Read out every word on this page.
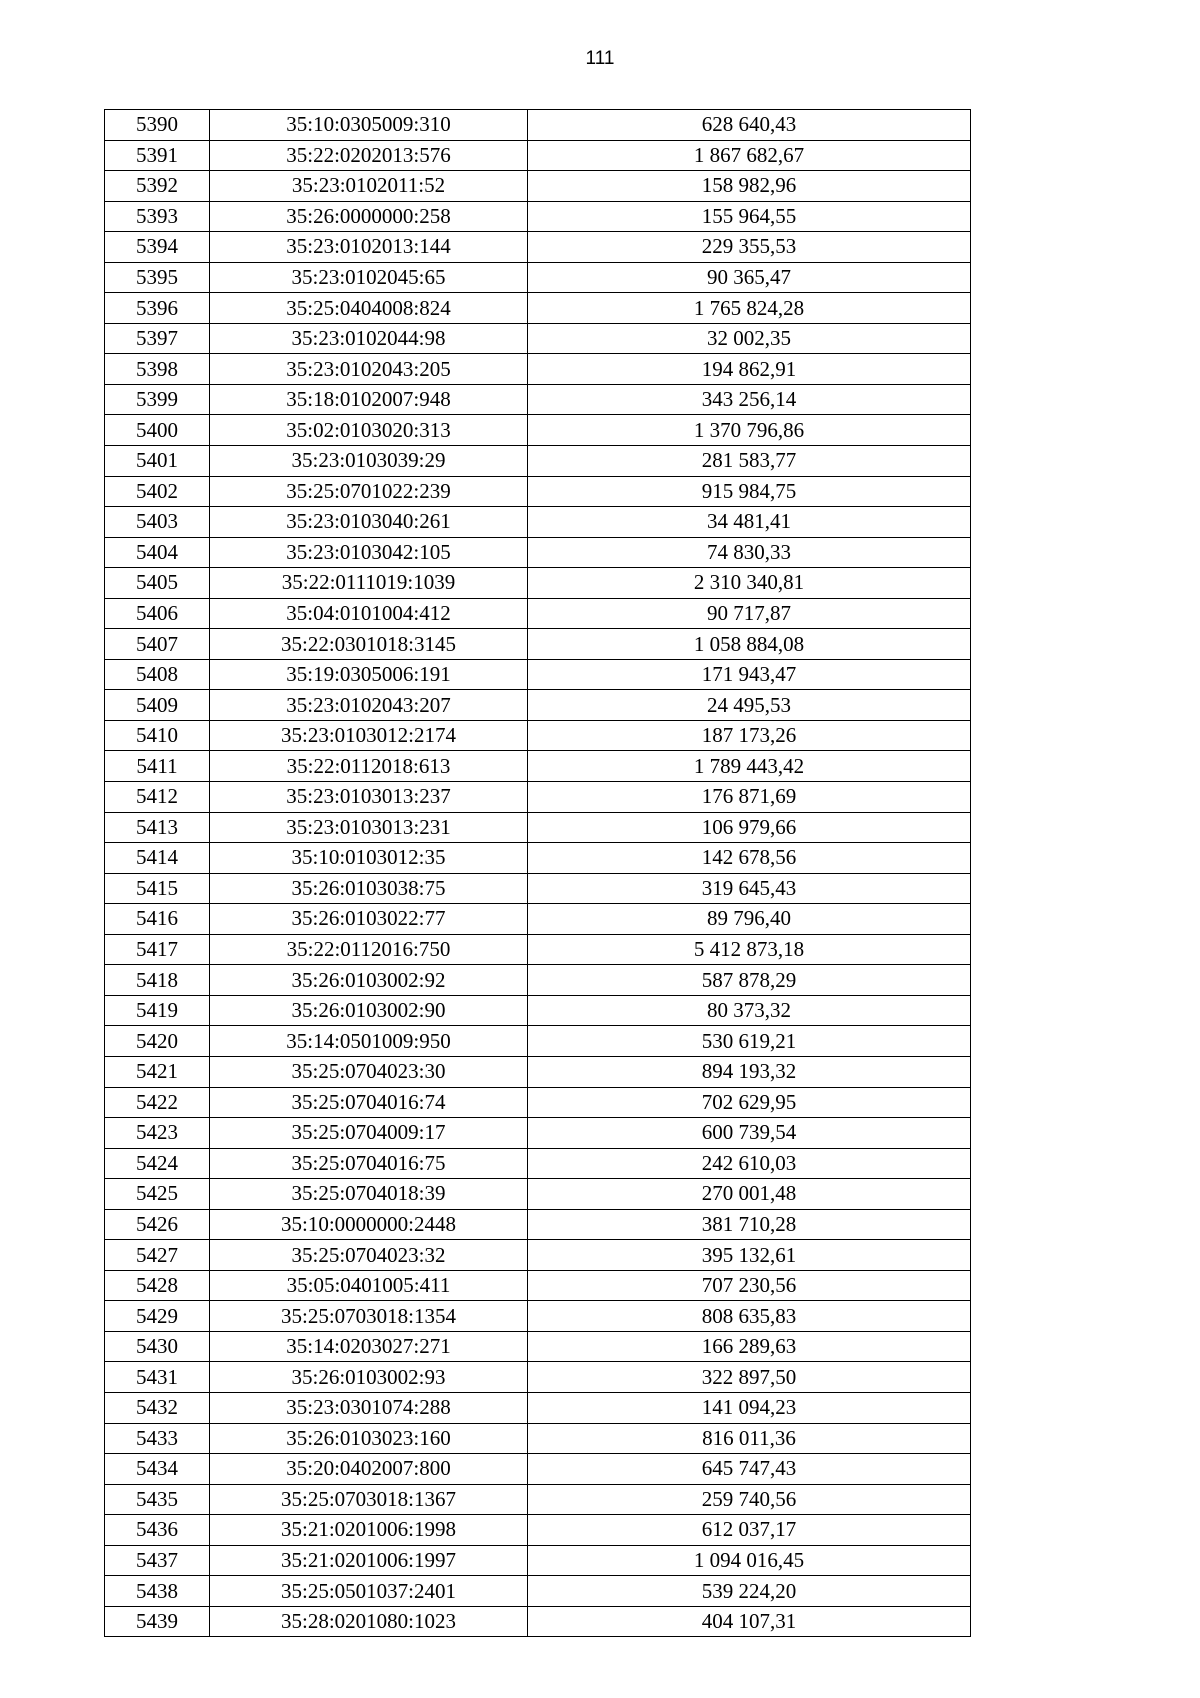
111
5390	35:10:0305009:310	628 640,43
5391	35:22:0202013:576	1 867 682,67
5392	35:23:0102011:52	158 982,96
5393	35:26:0000000:258	155 964,55
5394	35:23:0102013:144	229 355,53
5395	35:23:0102045:65	90 365,47
5396	35:25:0404008:824	1 765 824,28
5397	35:23:0102044:98	32 002,35
5398	35:23:0102043:205	194 862,91
5399	35:18:0102007:948	343 256,14
5400	35:02:0103020:313	1 370 796,86
5401	35:23:0103039:29	281 583,77
5402	35:25:0701022:239	915 984,75
5403	35:23:0103040:261	34 481,41
5404	35:23:0103042:105	74 830,33
5405	35:22:0111019:1039	2 310 340,81
5406	35:04:0101004:412	90 717,87
5407	35:22:0301018:3145	1 058 884,08
5408	35:19:0305006:191	171 943,47
5409	35:23:0102043:207	24 495,53
5410	35:23:0103012:2174	187 173,26
5411	35:22:0112018:613	1 789 443,42
5412	35:23:0103013:237	176 871,69
5413	35:23:0103013:231	106 979,66
5414	35:10:0103012:35	142 678,56
5415	35:26:0103038:75	319 645,43
5416	35:26:0103022:77	89 796,40
5417	35:22:0112016:750	5 412 873,18
5418	35:26:0103002:92	587 878,29
5419	35:26:0103002:90	80 373,32
5420	35:14:0501009:950	530 619,21
5421	35:25:0704023:30	894 193,32
5422	35:25:0704016:74	702 629,95
5423	35:25:0704009:17	600 739,54
5424	35:25:0704016:75	242 610,03
5425	35:25:0704018:39	270 001,48
5426	35:10:0000000:2448	381 710,28
5427	35:25:0704023:32	395 132,61
5428	35:05:0401005:411	707 230,56
5429	35:25:0703018:1354	808 635,83
5430	35:14:0203027:271	166 289,63
5431	35:26:0103002:93	322 897,50
5432	35:23:0301074:288	141 094,23
5433	35:26:0103023:160	816 011,36
5434	35:20:0402007:800	645 747,43
5435	35:25:0703018:1367	259 740,56
5436	35:21:0201006:1998	612 037,17
5437	35:21:0201006:1997	1 094 016,45
5438	35:25:0501037:2401	539 224,20
5439	35:28:0201080:1023	404 107,31
